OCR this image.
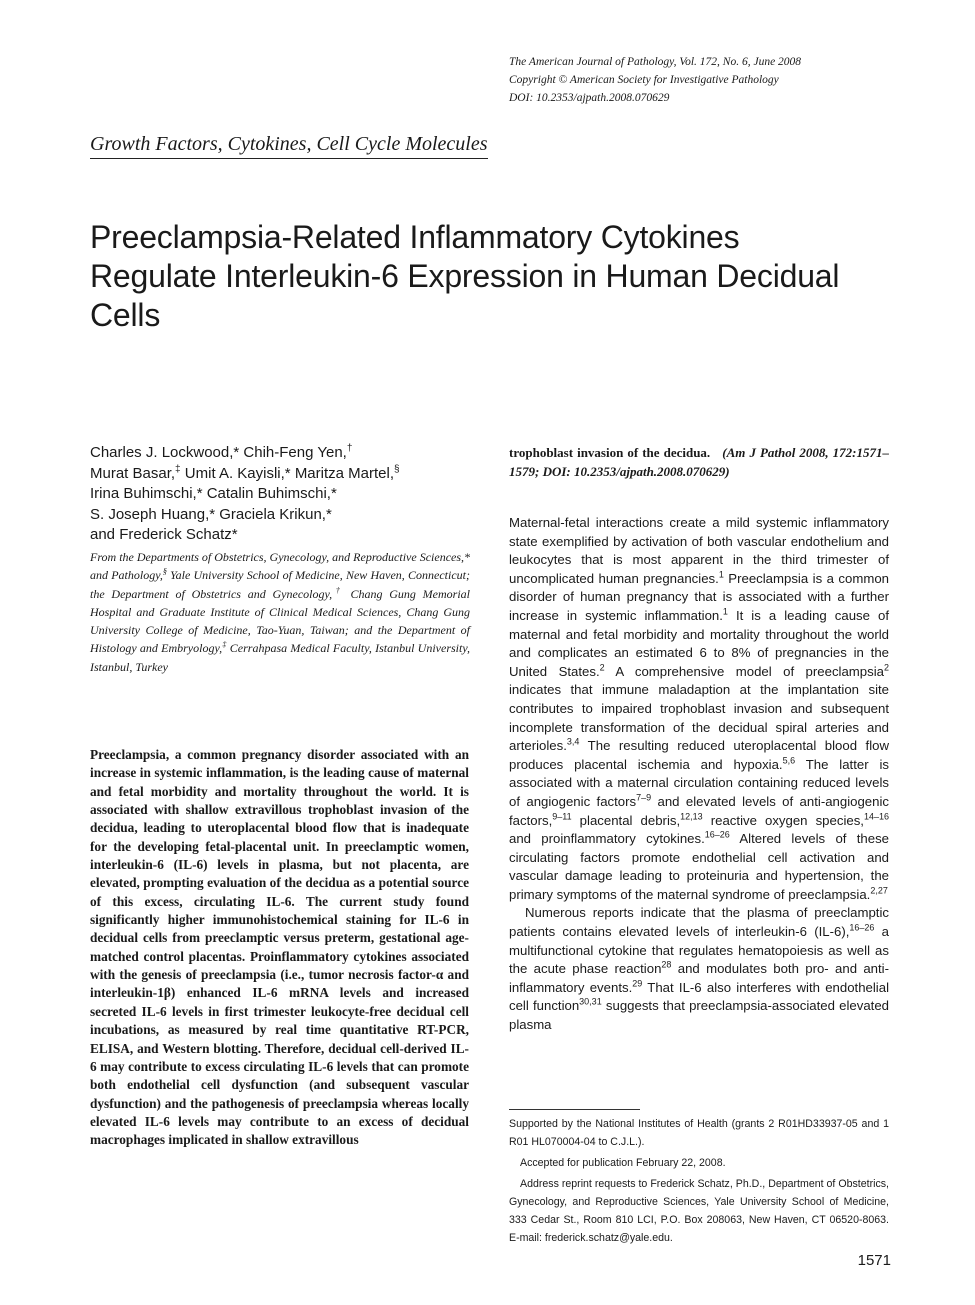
The American Journal of Pathology, Vol. 172, No. 6, June 2008
Copyright © American Society for Investigative Pathology
DOI: 10.2353/ajpath.2008.070629
Growth Factors, Cytokines, Cell Cycle Molecules
Preeclampsia-Related Inflammatory Cytokines Regulate Interleukin-6 Expression in Human Decidual Cells
Charles J. Lockwood,* Chih-Feng Yen,†
Murat Basar,‡ Umit A. Kayisli,* Maritza Martel,§
Irina Buhimschi,* Catalin Buhimschi,*
S. Joseph Huang,* Graciela Krikun,*
and Frederick Schatz*
From the Departments of Obstetrics, Gynecology, and Reproductive Sciences,* and Pathology,§ Yale University School of Medicine, New Haven, Connecticut; the Department of Obstetrics and Gynecology,† Chang Gung Memorial Hospital and Graduate Institute of Clinical Medical Sciences, Chang Gung University College of Medicine, Tao-Yuan, Taiwan; and the Department of Histology and Embryology,‡ Cerrahpasa Medical Faculty, Istanbul University, Istanbul, Turkey
Preeclampsia, a common pregnancy disorder associated with an increase in systemic inflammation, is the leading cause of maternal and fetal morbidity and mortality throughout the world. It is associated with shallow extravillous trophoblast invasion of the decidua, leading to uteroplacental blood flow that is inadequate for the developing fetal-placental unit. In preeclamptic women, interleukin-6 (IL-6) levels in plasma, but not placenta, are elevated, prompting evaluation of the decidua as a potential source of this excess, circulating IL-6. The current study found significantly higher immunohistochemical staining for IL-6 in decidual cells from preeclamptic versus preterm, gestational age-matched control placentas. Proinflammatory cytokines associated with the genesis of preeclampsia (i.e., tumor necrosis factor-α and interleukin-1β) enhanced IL-6 mRNA levels and increased secreted IL-6 levels in first trimester leukocyte-free decidual cell incubations, as measured by real time quantitative RT-PCR, ELISA, and Western blotting. Therefore, decidual cell-derived IL-6 may contribute to excess circulating IL-6 levels that can promote both endothelial cell dysfunction (and subsequent vascular dysfunction) and the pathogenesis of preeclampsia whereas locally elevated IL-6 levels may contribute to an excess of decidual macrophages implicated in shallow extravillous
trophoblast invasion of the decidua. (Am J Pathol 2008, 172:1571–1579; DOI: 10.2353/ajpath.2008.070629)

Maternal-fetal interactions create a mild systemic inflammatory state exemplified by activation of both vascular endothelium and leukocytes that is most apparent in the third trimester of uncomplicated human pregnancies.$^1$ Preeclampsia is a common disorder of human pregnancy that is associated with a further increase in systemic inflammation.$^1$ It is a leading cause of maternal and fetal morbidity and mortality throughout the world and complicates an estimated 6 to 8% of pregnancies in the United States.$^2$ A comprehensive model of preeclampsia$^2$ indicates that immune maladaption at the implantation site contributes to impaired trophoblast invasion and subsequent incomplete transformation of the decidual spiral arteries and arterioles.$^{3,4}$ The resulting reduced uteroplacental blood flow produces placental ischemia and hypoxia.$^{5,6}$ The latter is associated with a maternal circulation containing reduced levels of angiogenic factors$^{7-9}$ and elevated levels of anti-angiogenic factors,$^{9-11}$ placental debris,$^{12,13}$ reactive oxygen species,$^{14-16}$ and proinflammatory cytokines.$^{16-26}$ Altered levels of these circulating factors promote endothelial cell activation and vascular damage leading to proteinuria and hypertension, the primary symptoms of the maternal syndrome of preeclampsia.$^{2,27}$

Numerous reports indicate that the plasma of preeclamptic patients contains elevated levels of interleukin-6 (IL-6),$^{16-26}$ a multifunctional cytokine that regulates hematopoiesis as well as the acute phase reaction$^{28}$ and modulates both pro- and anti-inflammatory events.$^{29}$ That IL-6 also interferes with endothelial cell function$^{30,31}$ suggests that preeclampsia-associated elevated plasma

Supported by the National Institutes of Health (grants 2 R01HD33937-05 and 1 R01 HL070004-04 to C.J.L.).

Accepted for publication February 22, 2008.

Address reprint requests to Frederick Schatz, Ph.D., Department of Obstetrics, Gynecology, and Reproductive Sciences, Yale University School of Medicine, 333 Cedar St., Room 810 LCI, P.O. Box 208063, New Haven, CT 06520-8063. E-mail: frederick.schatz@yale.edu.

1571
